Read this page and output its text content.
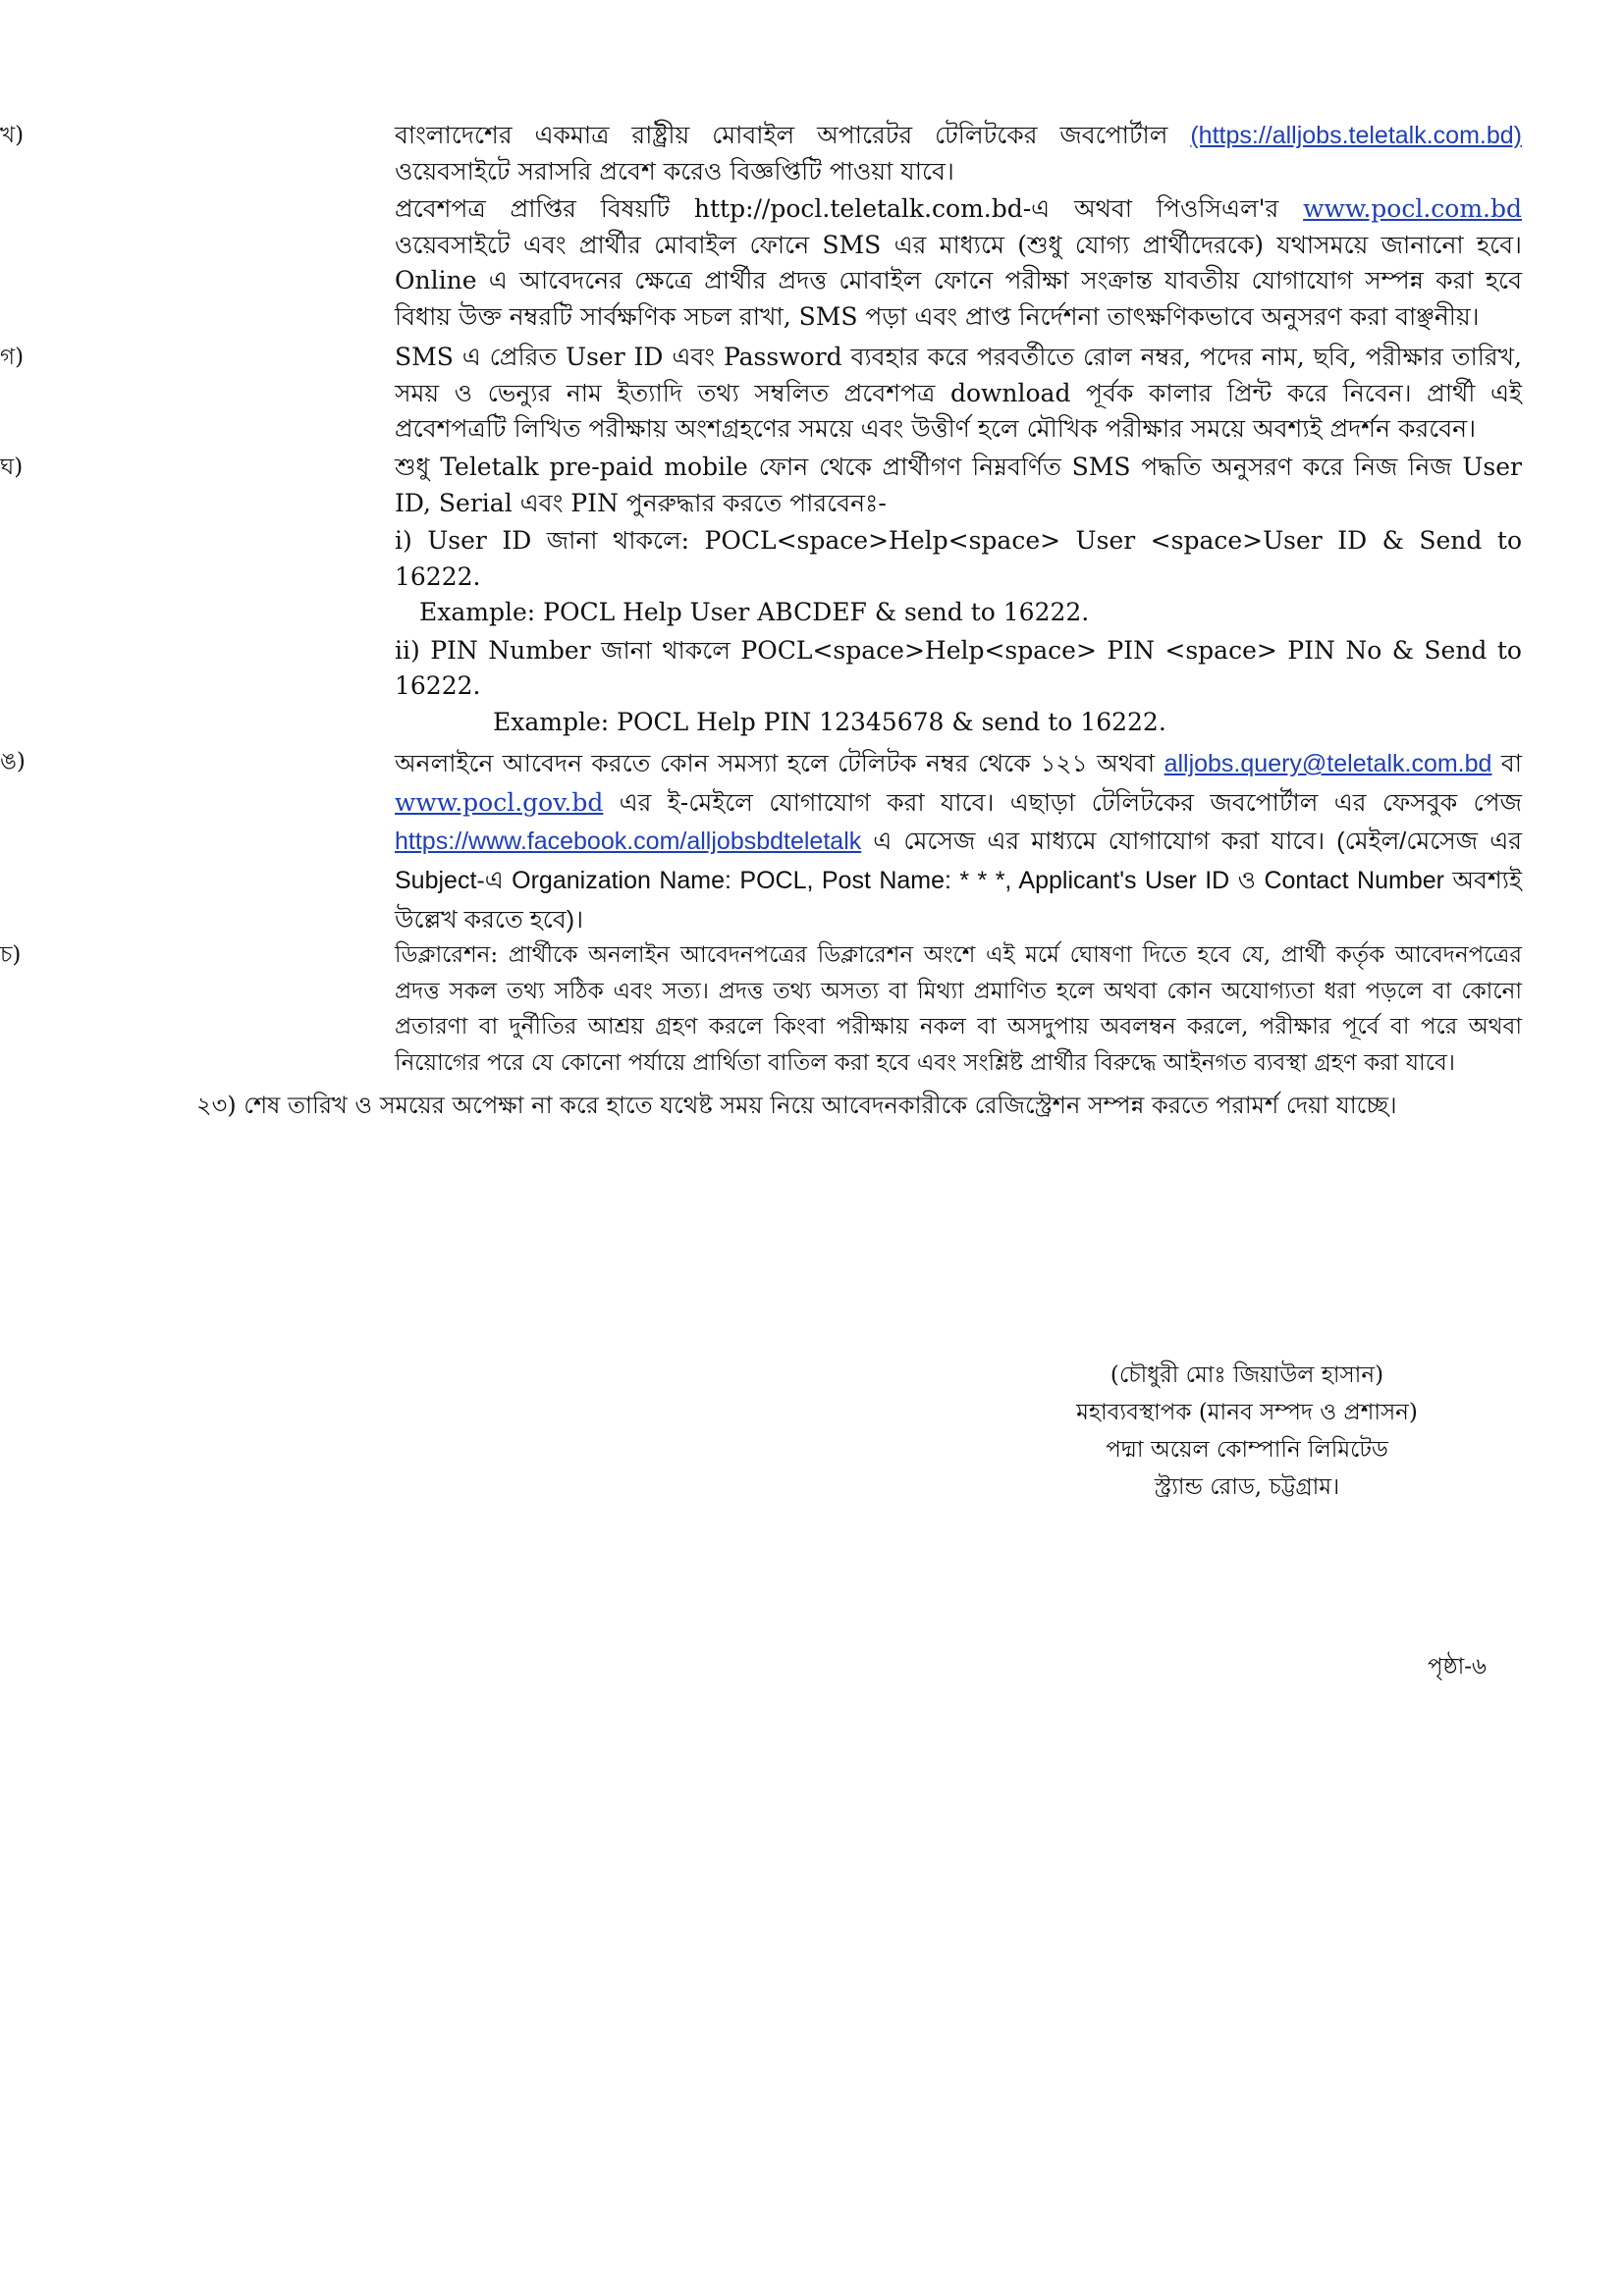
খ)	বাংলাদেশের একমাত্র রাষ্ট্রীয় মোবাইল অপারেটর টেলিটকের জবপোর্টাল (https://alljobs.teletalk.com.bd) ওয়েবসাইটে সরাসরি প্রবেশ করেও বিজ্ঞপ্তিটি পাওয়া যাবে।

প্রবেশপত্র প্রাপ্তির বিষয়টি http://pocl.teletalk.com.bd-এ অথবা পিওসিএল'র www.pocl.com.bd ওয়েবসাইটে এবং প্রার্থীর মোবাইল ফোনে SMS এর মাধ্যমে (শুধু যোগ্য প্রার্থীদেরকে) যথাসময়ে জানানো হবে। Online এ আবেদনের ক্ষেত্রে প্রার্থীর প্রদত্ত মোবাইল ফোনে পরীক্ষা সংক্রান্ত যাবতীয় যোগাযোগ সম্পন্ন করা হবে বিধায় উক্ত নম্বরটি সার্বক্ষণিক সচল রাখা, SMS পড়া এবং প্রাপ্ত নির্দেশনা তাৎক্ষণিকভাবে অনুসরণ করা বাঞ্ছনীয়।

গ)	SMS এ প্রেরিত User ID এবং Password ব্যবহার করে পরবর্তীতে রোল নম্বর, পদের নাম, ছবি, পরীক্ষার তারিখ, সময় ও ভেন্যুর নাম ইত্যাদি তথ্য সম্বলিত প্রবেশপত্র download পূর্বক কালার প্রিন্ট করে নিবেন। প্রার্থী এই প্রবেশপত্রটি লিখিত পরীক্ষায় অংশগ্রহণের সময়ে এবং উত্তীর্ণ হলে মৌখিক পরীক্ষার সময়ে অবশ্যই প্রদর্শন করবেন।

ঘ)	শুধু Teletalk pre-paid mobile ফোন থেকে প্রার্থীগণ নিম্নবর্ণিত SMS পদ্ধতি অনুসরণ করে নিজ নিজ User ID, Serial এবং PIN পুনরুদ্ধার করতে পারবেনঃ-

i) User ID জানা থাকলে: POCL<space>Help<space> User <space>User ID & Send to 16222.
Example: POCL Help User ABCDEF & send to 16222.

ii) PIN Number জানা থাকলে POCL<space>Help<space> PIN <space> PIN No & Send to 16222.
Example: POCL Help PIN 12345678 & send to 16222.

ঙ)	অনলাইনে আবেদন করতে কোন সমস্যা হলে টেলিটক নম্বর থেকে ১২১ অথবা alljobs.query@teletalk.com.bd বা www.pocl.gov.bd এর ই-মেইলে যোগাযোগ করা যাবে। এছাড়া টেলিটকের জবপোর্টাল এর ফেসবুক পেজ https://www.facebook.com/alljobsbdteletalk এ মেসেজ এর মাধ্যমে যোগাযোগ করা যাবে। (মেইল/মেসেজ এর Subject-এ Organization Name: POCL, Post Name: * * *, Applicant's User ID ও Contact Number অবশ্যই উল্লেখ করতে হবে)।

চ)	ডিক্লারেশন: প্রার্থীকে অনলাইন আবেদনপত্রের ডিক্লারেশন অংশে এই মর্মে ঘোষণা দিতে হবে যে, প্রার্থী কর্তৃক আবেদনপত্রের প্রদত্ত সকল তথ্য সঠিক এবং সত্য। প্রদত্ত তথ্য অসত্য বা মিথ্যা প্রমাণিত হলে অথবা কোন অযোগ্যতা ধরা পড়লে বা কোনো প্রতারণা বা দুর্নীতির আশ্রয় গ্রহণ করলে কিংবা পরীক্ষায় নকল বা অসদুপায় অবলম্বন করলে, পরীক্ষার পূর্বে বা পরে অথবা নিয়োগের পরে যে কোনো পর্যায়ে প্রার্থিতা বাতিল করা হবে এবং সংশ্লিষ্ট প্রার্থীর বিরুদ্ধে আইনগত ব্যবস্থা গ্রহণ করা যাবে।

২৩) শেষ তারিখ ও সময়ের অপেক্ষা না করে হাতে যথেষ্ট সময় নিয়ে আবেদনকারীকে রেজিস্ট্রেশন সম্পন্ন করতে পরামর্শ দেয়া যাচ্ছে।
(চৌধুরী মোঃ জিয়াউল হাসান)
মহাব্যবস্থাপক (মানব সম্পদ ও প্রশাসন)
পদ্মা অয়েল কোম্পানি লিমিটেড
স্ট্র্যান্ড রোড, চট্টগ্রাম।
পৃষ্ঠা-৬
